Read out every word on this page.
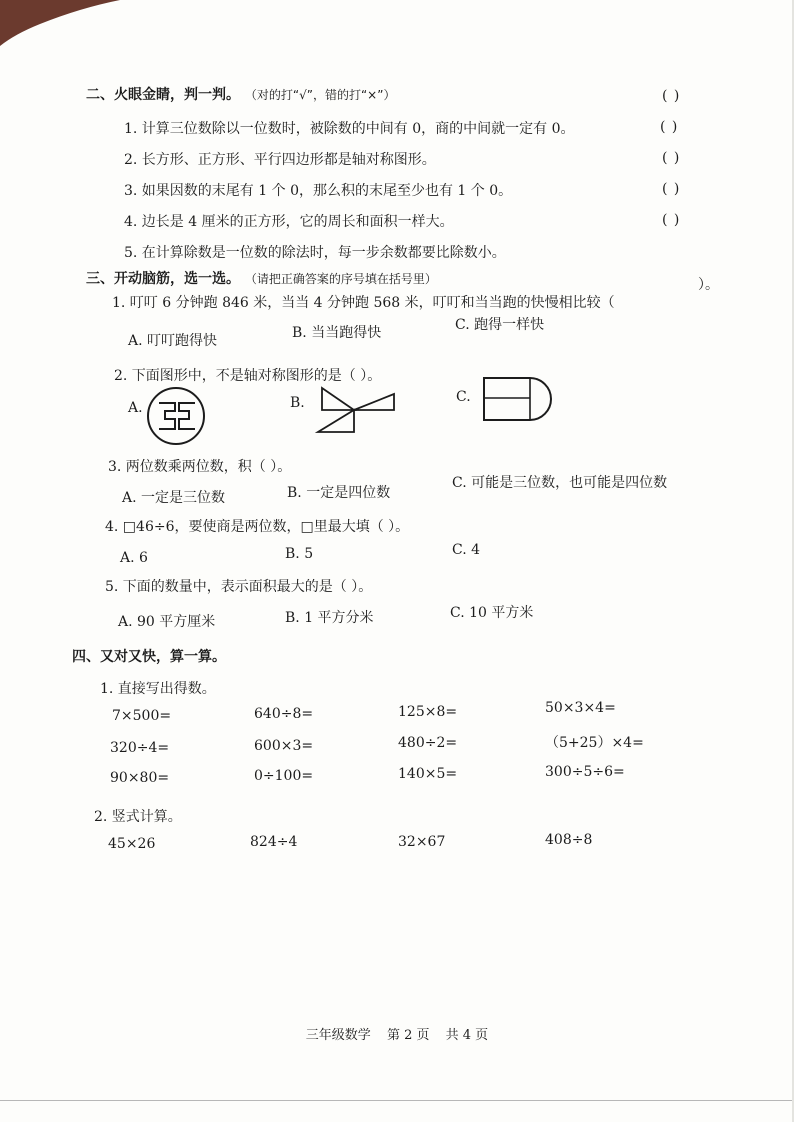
二、火眼金睛，判一判。 （对的打“√”，错的打“×”）
1. 计算三位数除以一位数时，被除数的中间有 0，商的中间就一定有 0。
( )
2. 长方形、正方形、平行四边形都是轴对称图形。
( )
3. 如果因数的末尾有 1 个 0，那么积的末尾至少也有 1 个 0。
( )
4. 边长是 4 厘米的正方形，它的周长和面积一样大。
( )
5. 在计算除数是一位数的除法时，每一步余数都要比除数小。
( )
三、开动脑筋，选一选。 （请把正确答案的序号填在括号里）
1. 叮叮 6 分钟跑 846 米，当当 4 分钟跑 568 米，叮叮和当当跑的快慢相比较（
）。
A. 叮叮跑得快	B. 当当跑得快	C. 跑得一样快
2. 下面图形中，不是轴对称图形的是（ ）。
A.	B.	C.
3. 两位数乘两位数，积（ ）。
A. 一定是三位数	B. 一定是四位数
C. 可能是三位数，也可能是四位数
4. □46÷6，要使商是两位数，□里最大填（ ）。
A. 6	B. 5	C. 4
5. 下面的数量中，表示面积最大的是（ ）。
A. 90 平方厘米	B. 1 平方分米	C. 10 平方米
四、又对又快，算一算。
1. 直接写出得数。
7×500=	640÷8=	125×8=	50×3×4=
320÷4=	600×3=	480÷2=	（5+25）×4=
90×80=	0÷100=	140×5=	300÷5÷6=
2. 竖式计算。
45×26	824÷4	32×67	408÷8
三年级数学 第 2 页 共 4 页
